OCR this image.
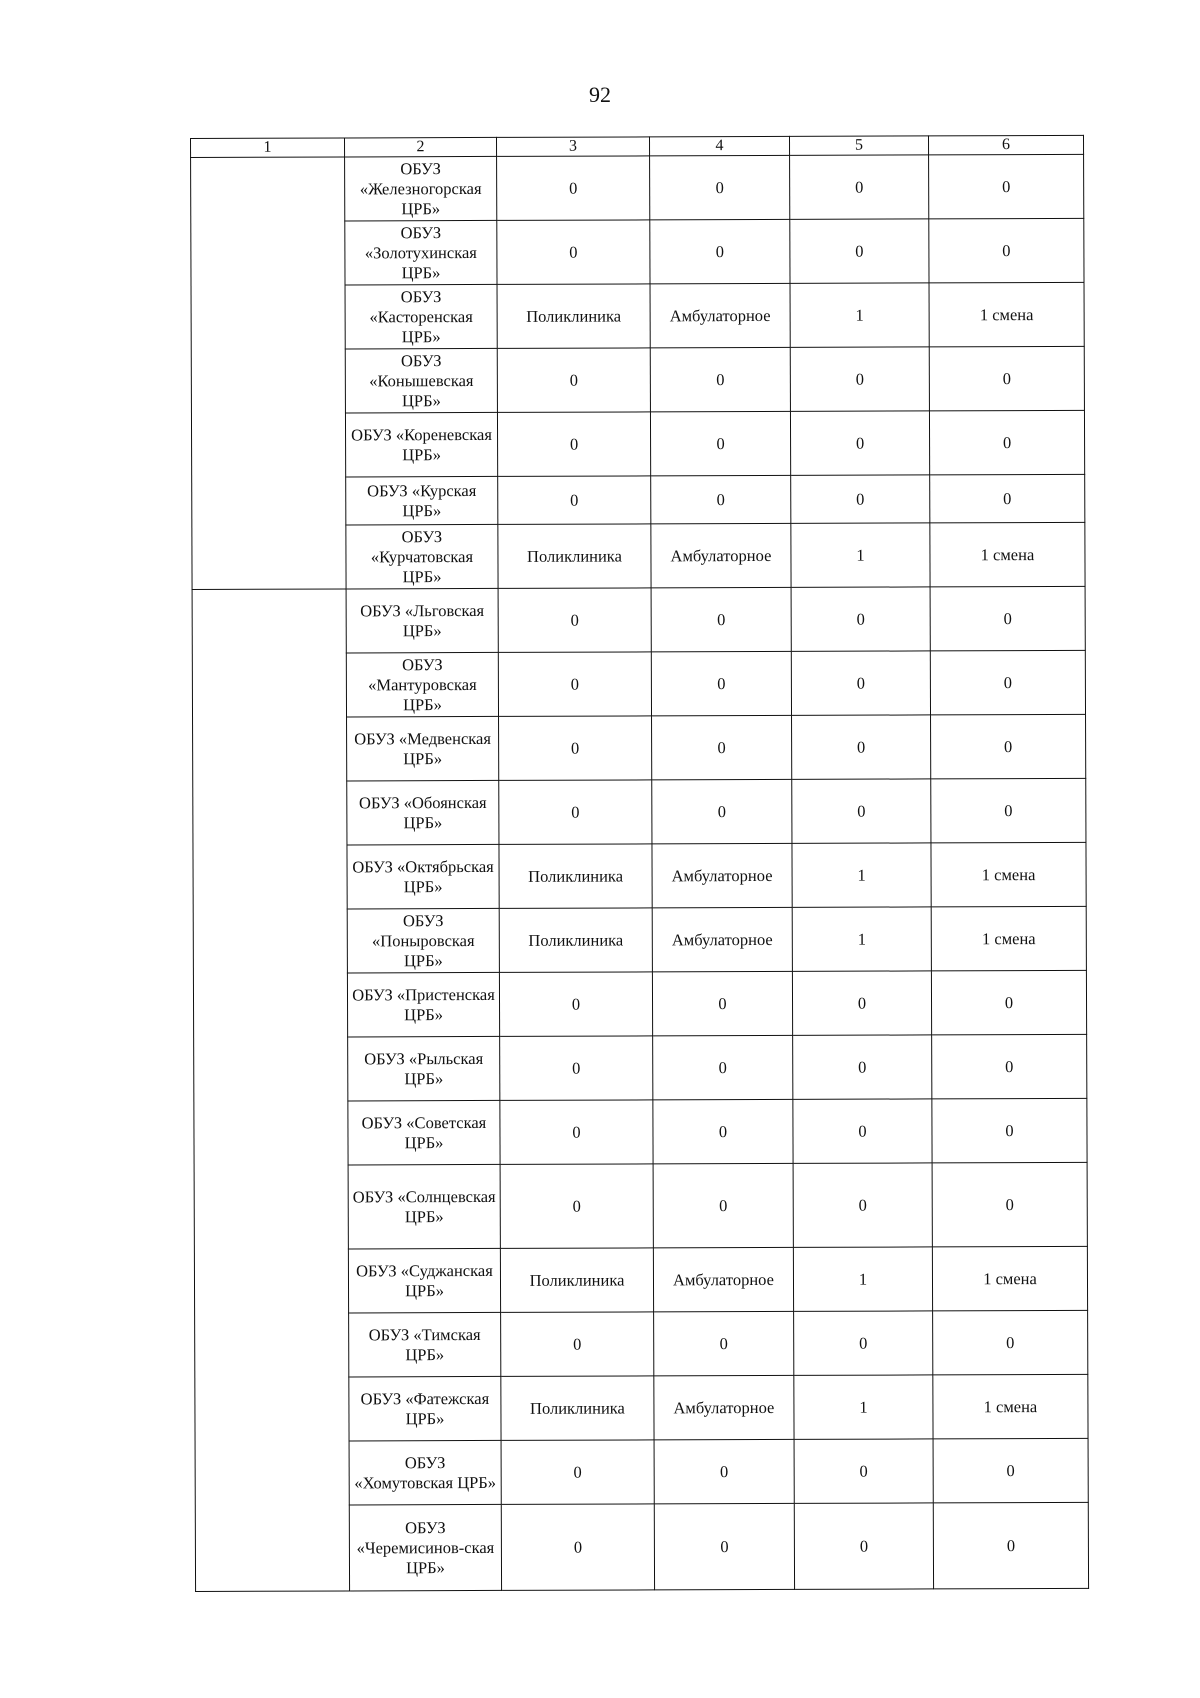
92
1	2	3	4	5	6
	ОБУЗ «Железногорская ЦРБ»	0	0	0	0
	ОБУЗ «Золотухинская ЦРБ»	0	0	0	0
	ОБУЗ «Касторенская ЦРБ»	Поликлиника	Амбулаторное	1	1 смена
	ОБУЗ «Конышевская ЦРБ»	0	0	0	0
	ОБУЗ «Кореневская ЦРБ»	0	0	0	0
	ОБУЗ «Курская ЦРБ»	0	0	0	0
	ОБУЗ «Курчатовская ЦРБ»	Поликлиника	Амбулаторное	1	1 смена
	ОБУЗ «Льговская ЦРБ»	0	0	0	0
	ОБУЗ «Мантуровская ЦРБ»	0	0	0	0
	ОБУЗ «Медвенская ЦРБ»	0	0	0	0
	ОБУЗ «Обоянская ЦРБ»	0	0	0	0
	ОБУЗ «Октябрьская ЦРБ»	Поликлиника	Амбулаторное	1	1 смена
	ОБУЗ «Поныровская ЦРБ»	Поликлиника	Амбулаторное	1	1 смена
	ОБУЗ «Пристенская ЦРБ»	0	0	0	0
	ОБУЗ «Рыльская ЦРБ»	0	0	0	0
	ОБУЗ «Советская ЦРБ»	0	0	0	0
	ОБУЗ «Солнцевская ЦРБ»	0	0	0	0
	ОБУЗ «Суджанская ЦРБ»	Поликлиника	Амбулаторное	1	1 смена
	ОБУЗ «Тимская ЦРБ»	0	0	0	0
	ОБУЗ «Фатежская ЦРБ»	Поликлиника	Амбулаторное	1	1 смена
	ОБУЗ «Хомутовская ЦРБ»	0	0	0	0
	ОБУЗ «Черемисинов-ская ЦРБ»	0	0	0	0
